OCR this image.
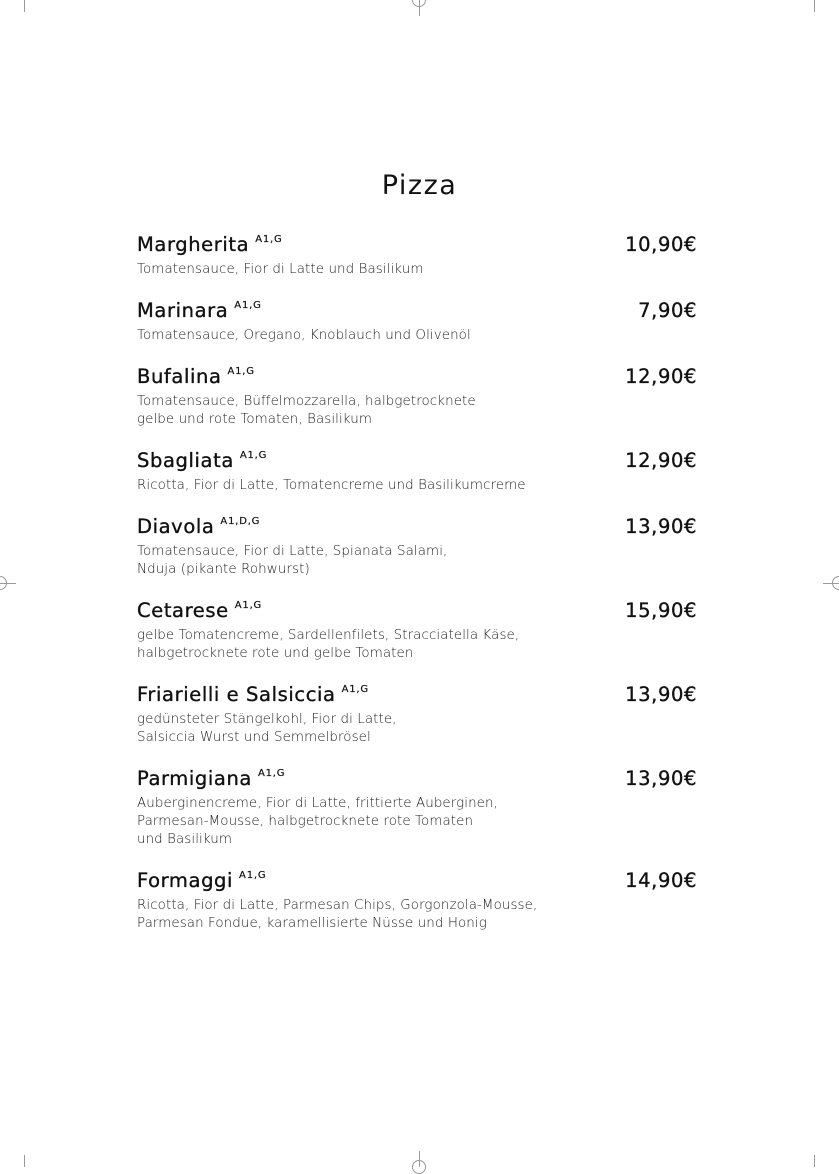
Pizza
Margherita $^{A1,G}$	10,90€
Tomatensauce, Fior di Latte und Basilikum
Marinara $^{A1,G}$	7,90€
Tomatensauce, Oregano, Knoblauch und Olivenöl
Bufalina $^{A1,G}$	12,90€
Tomatensauce, Büffelmozzarella, halbgetrocknete
gelbe und rote Tomaten, Basilikum
Sbagliata $^{A1,G}$	12,90€
Ricotta, Fior di Latte, Tomatencreme und Basilikumcreme
Diavola $^{A1,D,G}$	13,90€
Tomatensauce, Fior di Latte, Spianata Salami,
Nduja (pikante Rohwurst)
Cetarese $^{A1,G}$	15,90€
gelbe Tomatencreme, Sardellenfilets, Stracciatella Käse,
halbgetrocknete rote und gelbe Tomaten
Friarielli e Salsiccia $^{A1,G}$	13,90€
gedünsteter Stängelkohl, Fior di Latte,
Salsiccia Wurst und Semmelbrösel
Parmigiana $^{A1,G}$	13,90€
Auberginencreme, Fior di Latte, frittierte Auberginen,
Parmesan-Mousse, halbgetrocknete rote Tomaten
und Basilikum
Formaggi $^{A1,G}$	14,90€
Ricotta, Fior di Latte, Parmesan Chips, Gorgonzola-Mousse,
Parmesan Fondue, karamellisierte Nüsse und Honig
